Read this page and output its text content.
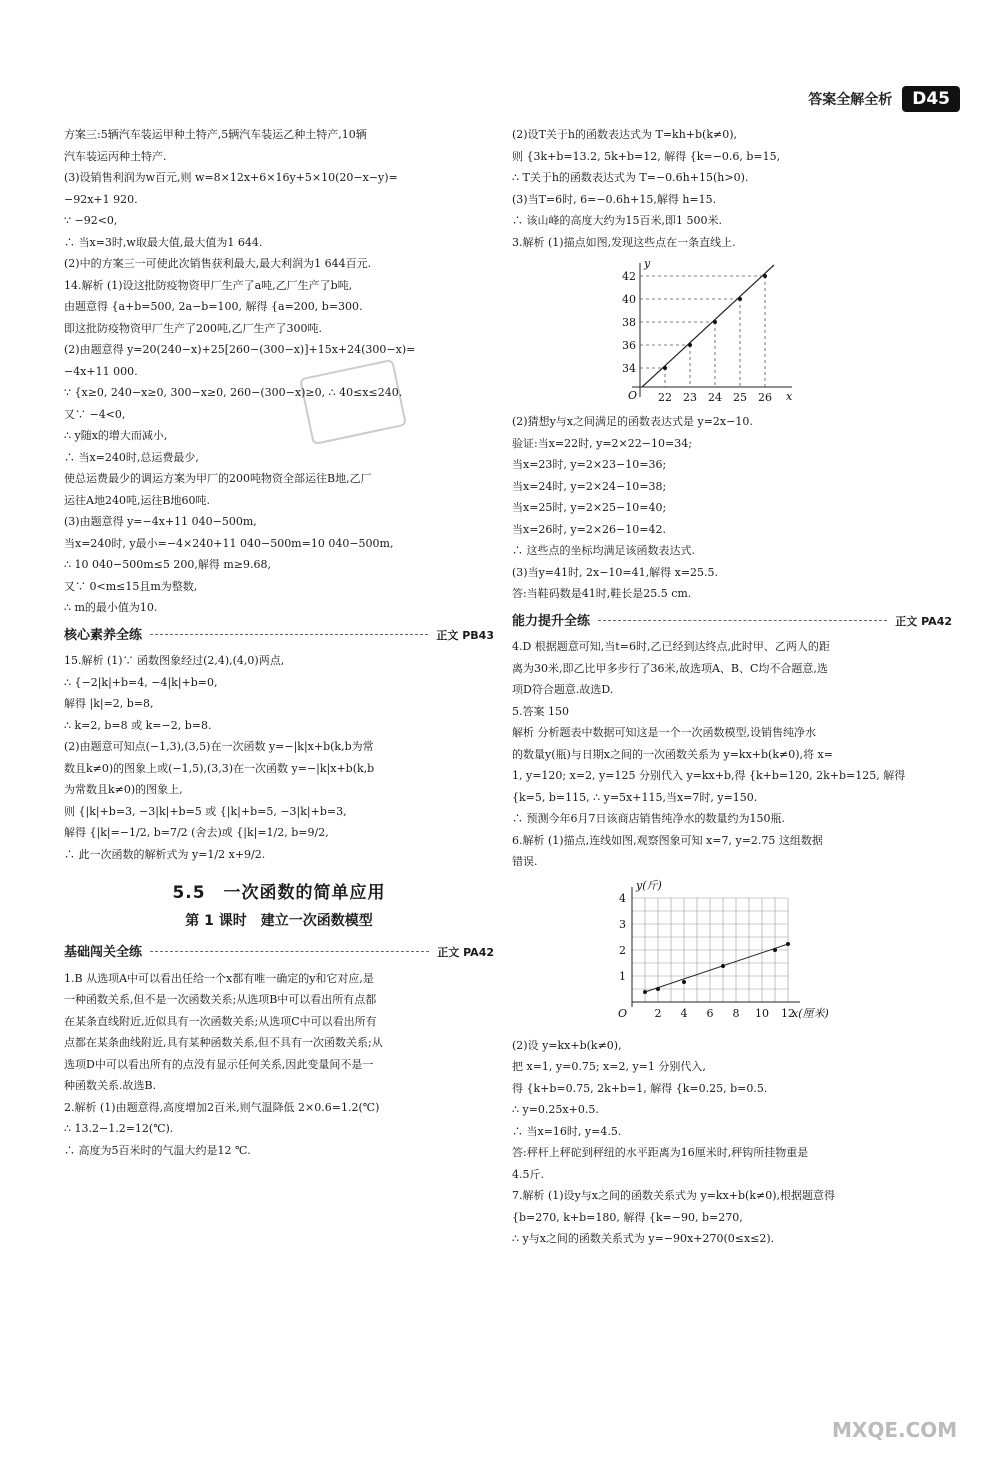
答案全解全析	D45
方案三:5辆汽车装运甲种土特产,5辆汽车装运乙种土特产,10辆
汽车装运丙种土特产.
(3)设销售利润为w百元,则 w=8×12x+6×16y+5×10(20−x−y)=
−92x+1 920.
∵ −92<0,
∴ 当x=3时,w取最大值,最大值为1 644.
(2)中的方案三一可使此次销售获利最大,最大利润为1 644百元.
14.解析 (1)设这批防疫物资甲厂生产了a吨,乙厂生产了b吨,
由题意得 {a+b=500, 2a−b=100, 解得 {a=200, b=300.
即这批防疫物资甲厂生产了200吨,乙厂生产了300吨.
(2)由题意得 y=20(240−x)+25[260−(300−x)]+15x+24(300−x)=
−4x+11 000.
∵ {x≥0, 240−x≥0, 300−x≥0, 260−(300−x)≥0, ∴ 40≤x≤240.
又∵ −4<0,
∴ y随x的增大而减小,
∴ 当x=240时,总运费最少,
使总运费最少的调运方案为甲厂的200吨物资全部运往B地,乙厂
运往A地240吨,运往B地60吨.
(3)由题意得 y=−4x+11 040−500m,
当x=240时, y最小=−4×240+11 040−500m=10 040−500m,
∴ 10 040−500m≤5 200,解得 m≥9.68,
又∵ 0<m≤15且m为整数,
∴ m的最小值为10.
核心素养全练	正文 PB43
15.解析 (1)∵ 函数图象经过(2,4),(4,0)两点,
∴ {−2|k|+b=4, −4|k|+b=0,
解得 |k|=2, b=8,
∴ k=2, b=8 或 k=−2, b=8.
(2)由题意可知点(−1,3),(3,5)在一次函数 y=−|k|x+b(k,b为常
数且k≠0)的图象上或(−1,5),(3,3)在一次函数 y=−|k|x+b(k,b
为常数且k≠0)的图象上,
则 {|k|+b=3, −3|k|+b=5 或 {|k|+b=5, −3|k|+b=3,
解得 {|k|=−1/2, b=7/2 (舍去)或 {|k|=1/2, b=9/2,
∴ 此一次函数的解析式为 y=1/2 x+9/2.
5.5　一次函数的简单应用
第 1 课时　建立一次函数模型
基础闯关全练	正文 PA42
1.B 从选项A中可以看出任给一个x都有唯一确定的y和它对应,是
一种函数关系,但不是一次函数关系;从选项B中可以看出所有点都
在某条直线附近,近似具有一次函数关系;从选项C中可以看出所有
点都在某条曲线附近,具有某种函数关系,但不具有一次函数关系;从
选项D中可以看出所有的点没有显示任何关系,因此变量间不是一
种函数关系.故选B.
2.解析 (1)由题意得,高度增加2百米,则气温降低 2×0.6=1.2(℃)
∴ 13.2−1.2=12(℃).
∴ 高度为5百米时的气温大约是12 ℃.
(2)设T关于h的函数表达式为 T=kh+b(k≠0),
则 {3k+b=13.2, 5k+b=12, 解得 {k=−0.6, b=15,
∴ T关于h的函数表达式为 T=−0.6h+15(h>0).
(3)当T=6时, 6=−0.6h+15,解得 h=15.
∴ 该山峰的高度大约为15百米,即1 500米.
3.解析 (1)描点如图,发现这些点在一条直线上.
22 23 24 25 26
34
36
38
40
42
x
y
O
(2)猜想y与x之间满足的函数表达式是 y=2x−10.
验证:当x=22时, y=2×22−10=34;
当x=23时, y=2×23−10=36;
当x=24时, y=2×24−10=38;
当x=25时, y=2×25−10=40;
当x=26时, y=2×26−10=42.
∴ 这些点的坐标均满足该函数表达式.
(3)当y=41时, 2x−10=41,解得 x=25.5.
答:当鞋码数是41时,鞋长是25.5 cm.
能力提升全练	正文 PA42
4.D 根据题意可知,当t=6时,乙已经到达终点,此时甲、乙两人的距
离为30米,即乙比甲多步行了36米,故选项A、B、C均不合题意,选
项D符合题意.故选D.
5.答案 150
解析 分析题表中数据可知这是一个一次函数模型,设销售纯净水
的数量y(瓶)与日期x之间的一次函数关系为 y=kx+b(k≠0),将 x=
1, y=120; x=2, y=125 分别代入 y=kx+b,得 {k+b=120, 2k+b=125, 解得
{k=5, b=115, ∴ y=5x+115,当x=7时, y=150.
∴ 预测今年6月7日该商店销售纯净水的数量约为150瓶.
6.解析 (1)描点,连线如图,观察图象可知 x=7, y=2.75 这组数据
错误.
2 4 6 8 10 12
1
2
3
4
x(厘米)
y(斤)
O
(2)设 y=kx+b(k≠0),
把 x=1, y=0.75; x=2, y=1 分别代入,
得 {k+b=0.75, 2k+b=1, 解得 {k=0.25, b=0.5.
∴ y=0.25x+0.5.
∴ 当x=16时, y=4.5.
答:秤杆上秤砣到秤纽的水平距离为16厘米时,秤钩所挂物重是
4.5斤.
7.解析 (1)设y与x之间的函数关系式为 y=kx+b(k≠0),根据题意得
{b=270, k+b=180, 解得 {k=−90, b=270,
∴ y与x之间的函数关系式为 y=−90x+270(0≤x≤2).
MXQE.COM
